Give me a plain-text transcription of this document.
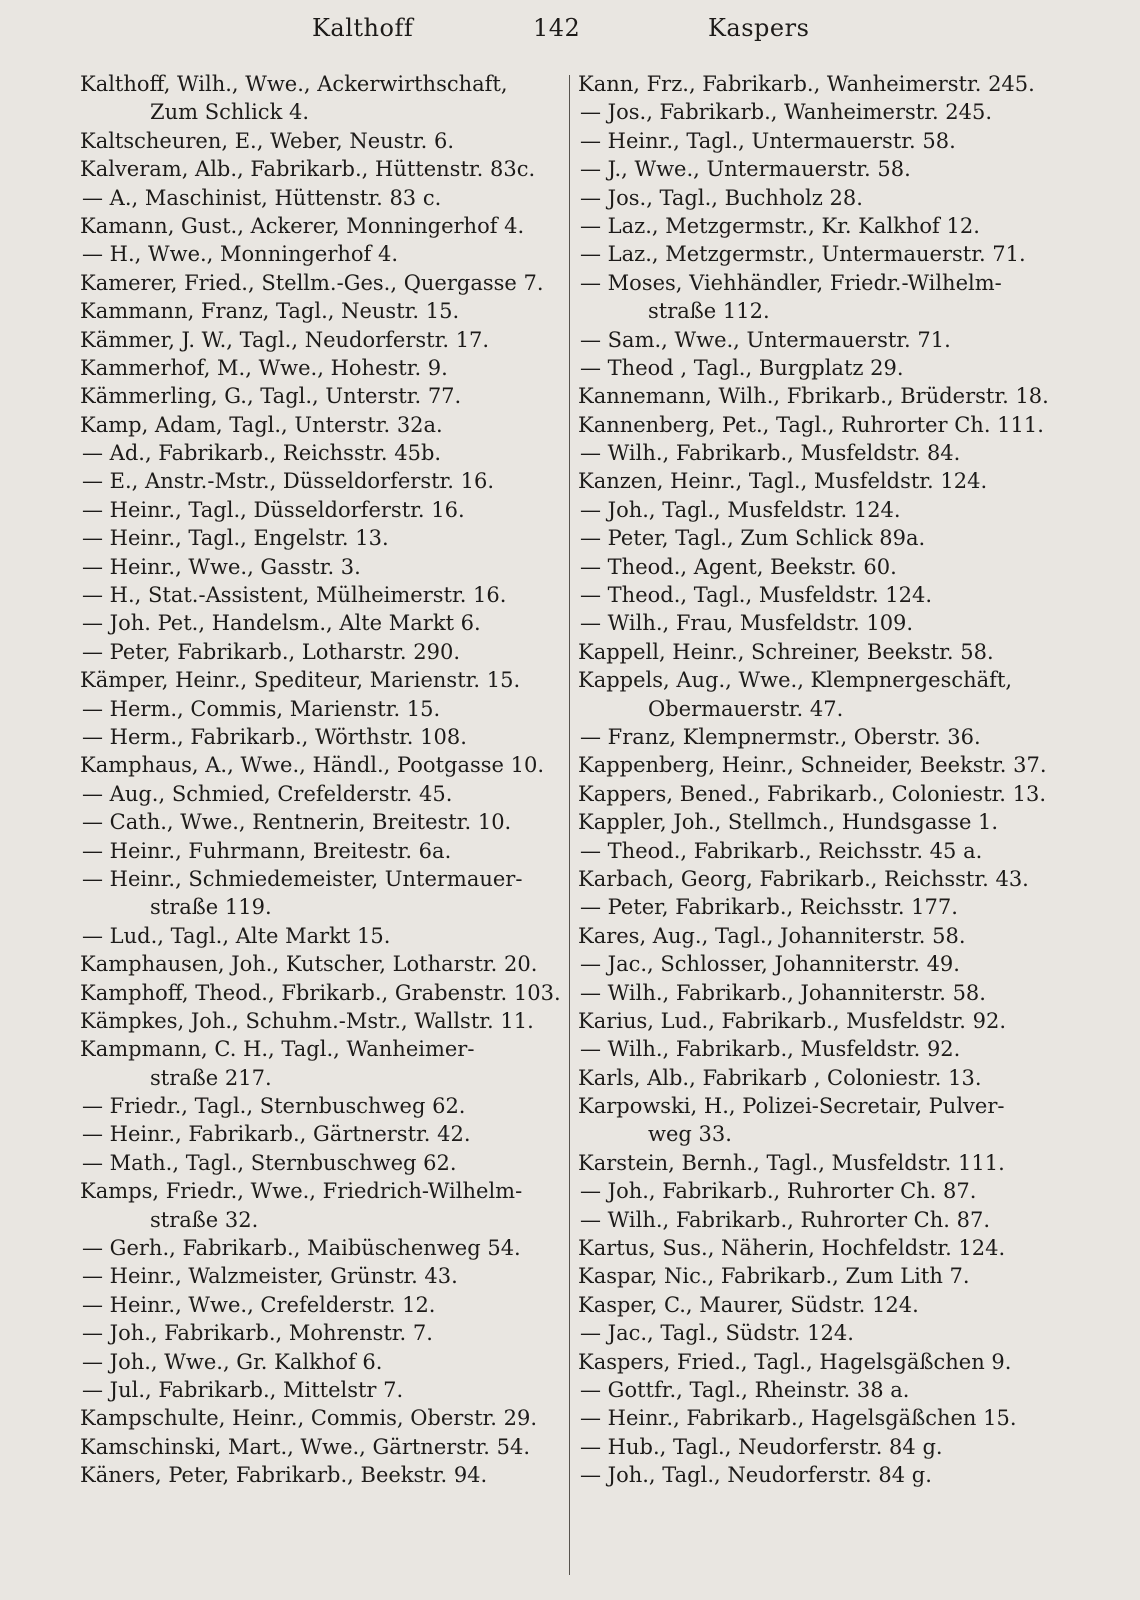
Kalthoff	142	Kaspers
Kalthoff, Wilh., Wwe., Ackerwirthschaft,
Zum Schlick 4.
Kaltscheuren, E., Weber, Neustr. 6.
Kalveram, Alb., Fabrikarb., Hüttenstr. 83c.
— A., Maschinist, Hüttenstr. 83 c.
Kamann, Gust., Ackerer, Monningerhof 4.
— H., Wwe., Monningerhof 4.
Kamerer, Fried., Stellm.-Ges., Quergasse 7.
Kammann, Franz, Tagl., Neustr. 15.
Kämmer, J. W., Tagl., Neudorferstr. 17.
Kammerhof, M., Wwe., Hohestr. 9.
Kämmerling, G., Tagl., Unterstr. 77.
Kamp, Adam, Tagl., Unterstr. 32a.
— Ad., Fabrikarb., Reichsstr. 45b.
— E., Anstr.-Mstr., Düsseldorferstr. 16.
— Heinr., Tagl., Düsseldorferstr. 16.
— Heinr., Tagl., Engelstr. 13.
— Heinr., Wwe., Gasstr. 3.
— H., Stat.-Assistent, Mülheimerstr. 16.
— Joh. Pet., Handelsm., Alte Markt 6.
— Peter, Fabrikarb., Lotharstr. 290.
Kämper, Heinr., Spediteur, Marienstr. 15.
— Herm., Commis, Marienstr. 15.
— Herm., Fabrikarb., Wörthstr. 108.
Kamphaus, A., Wwe., Händl., Pootgasse 10.
— Aug., Schmied, Crefelderstr. 45.
— Cath., Wwe., Rentnerin, Breitestr. 10.
— Heinr., Fuhrmann, Breitestr. 6a.
— Heinr., Schmiedemeister, Untermauer-
straße 119.
— Lud., Tagl., Alte Markt 15.
Kamphausen, Joh., Kutscher, Lotharstr. 20.
Kamphoff, Theod., Fbrikarb., Grabenstr. 103.
Kämpkes, Joh., Schuhm.-Mstr., Wallstr. 11.
Kampmann, C. H., Tagl., Wanheimer-
straße 217.
— Friedr., Tagl., Sternbuschweg 62.
— Heinr., Fabrikarb., Gärtnerstr. 42.
— Math., Tagl., Sternbuschweg 62.
Kamps, Friedr., Wwe., Friedrich-Wilhelm-
straße 32.
— Gerh., Fabrikarb., Maibüschenweg 54.
— Heinr., Walzmeister, Grünstr. 43.
— Heinr., Wwe., Crefelderstr. 12.
— Joh., Fabrikarb., Mohrenstr. 7.
— Joh., Wwe., Gr. Kalkhof 6.
— Jul., Fabrikarb., Mittelstr 7.
Kampschulte, Heinr., Commis, Oberstr. 29.
Kamschinski, Mart., Wwe., Gärtnerstr. 54.
Käners, Peter, Fabrikarb., Beekstr. 94.
Kann, Frz., Fabrikarb., Wanheimerstr. 245.
— Jos., Fabrikarb., Wanheimerstr. 245.
— Heinr., Tagl., Untermauerstr. 58.
— J., Wwe., Untermauerstr. 58.
— Jos., Tagl., Buchholz 28.
— Laz., Metzgermstr., Kr. Kalkhof 12.
— Laz., Metzgermstr., Untermauerstr. 71.
— Moses, Viehhändler, Friedr.-Wilhelm-
straße 112.
— Sam., Wwe., Untermauerstr. 71.
— Theod , Tagl., Burgplatz 29.
Kannemann, Wilh., Fbrikarb., Brüderstr. 18.
Kannenberg, Pet., Tagl., Ruhrorter Ch. 111.
— Wilh., Fabrikarb., Musfeldstr. 84.
Kanzen, Heinr., Tagl., Musfeldstr. 124.
— Joh., Tagl., Musfeldstr. 124.
— Peter, Tagl., Zum Schlick 89a.
— Theod., Agent, Beekstr. 60.
— Theod., Tagl., Musfeldstr. 124.
— Wilh., Frau, Musfeldstr. 109.
Kappell, Heinr., Schreiner, Beekstr. 58.
Kappels, Aug., Wwe., Klempnergeschäft,
Obermauerstr. 47.
— Franz, Klempnermstr., Oberstr. 36.
Kappenberg, Heinr., Schneider, Beekstr. 37.
Kappers, Bened., Fabrikarb., Coloniestr. 13.
Kappler, Joh., Stellmch., Hundsgasse 1.
— Theod., Fabrikarb., Reichsstr. 45 a.
Karbach, Georg, Fabrikarb., Reichsstr. 43.
— Peter, Fabrikarb., Reichsstr. 177.
Kares, Aug., Tagl., Johanniterstr. 58.
— Jac., Schlosser, Johanniterstr. 49.
— Wilh., Fabrikarb., Johanniterstr. 58.
Karius, Lud., Fabrikarb., Musfeldstr. 92.
— Wilh., Fabrikarb., Musfeldstr. 92.
Karls, Alb., Fabrikarb , Coloniestr. 13.
Karpowski, H., Polizei-Secretair, Pulver-
weg 33.
Karstein, Bernh., Tagl., Musfeldstr. 111.
— Joh., Fabrikarb., Ruhrorter Ch. 87.
— Wilh., Fabrikarb., Ruhrorter Ch. 87.
Kartus, Sus., Näherin, Hochfeldstr. 124.
Kaspar, Nic., Fabrikarb., Zum Lith 7.
Kasper, C., Maurer, Südstr. 124.
— Jac., Tagl., Südstr. 124.
Kaspers, Fried., Tagl., Hagelsgäßchen 9.
— Gottfr., Tagl., Rheinstr. 38 a.
— Heinr., Fabrikarb., Hagelsgäßchen 15.
— Hub., Tagl., Neudorferstr. 84 g.
— Joh., Tagl., Neudorferstr. 84 g.
